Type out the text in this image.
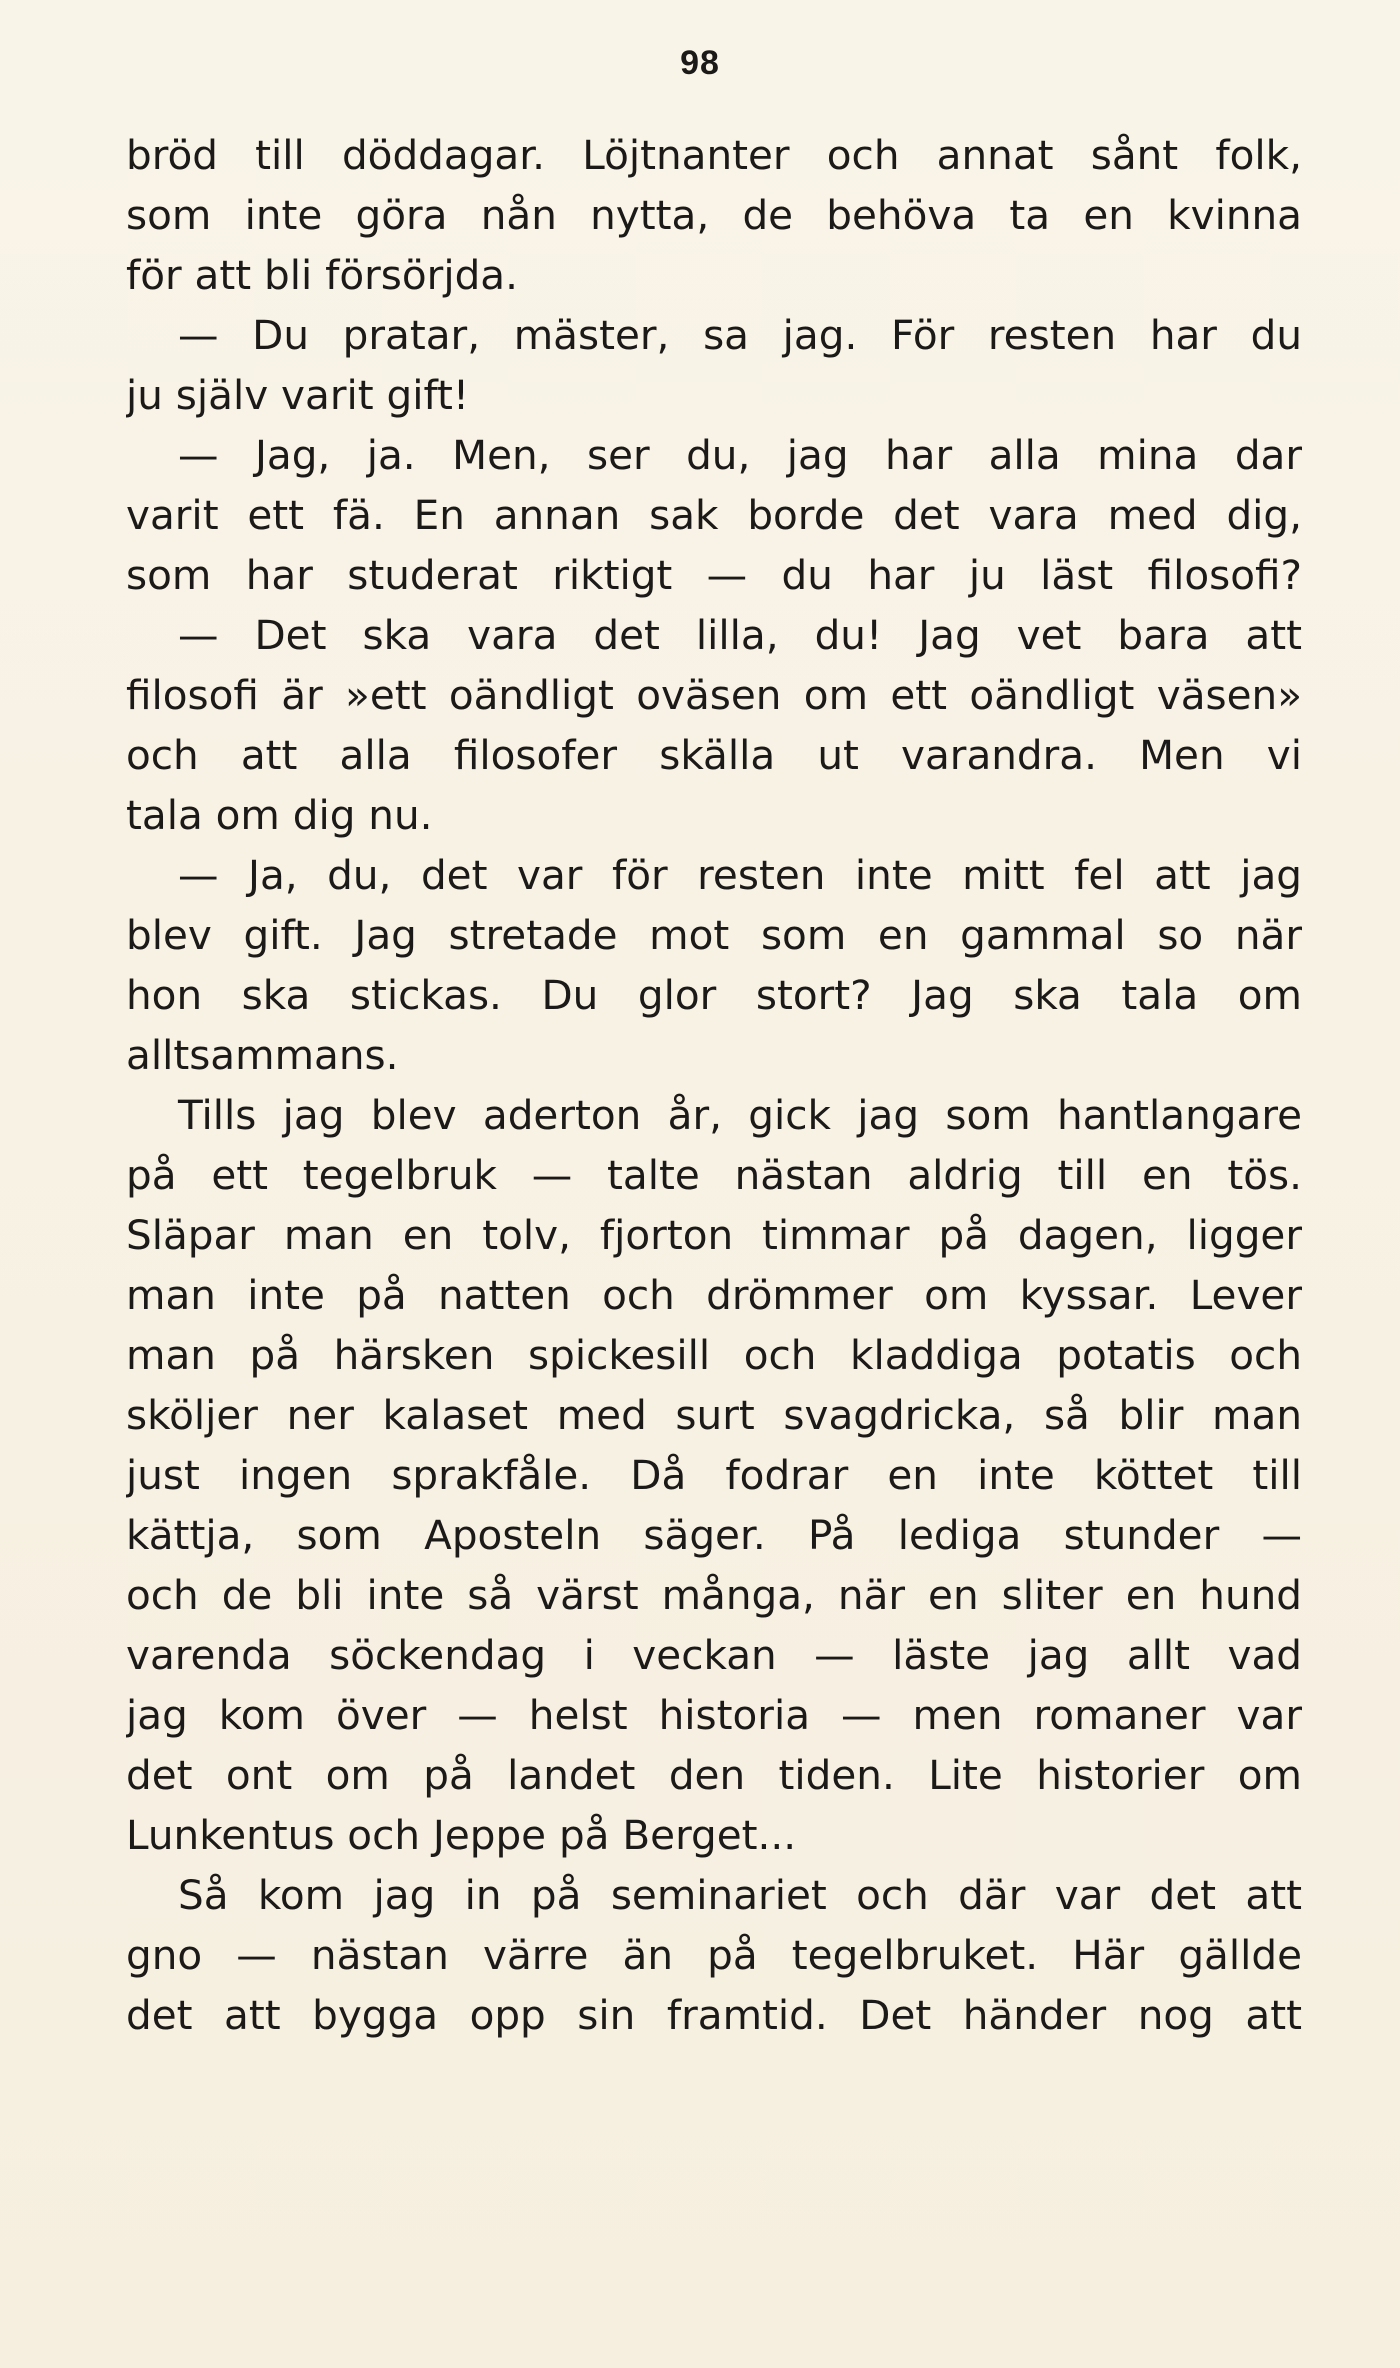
98
bröd till döddagar. Löjtnanter och annat sånt folk,
som inte göra nån nytta, de behöva ta en kvinna
för att bli försörjda.
— Du pratar, mäster, sa jag. För resten har du
ju själv varit gift!
— Jag, ja. Men, ser du, jag har alla mina dar
varit ett fä. En annan sak borde det vara med dig,
som har studerat riktigt — du har ju läst filosofi?
— Det ska vara det lilla, du! Jag vet bara att
filosofi är »ett oändligt oväsen om ett oändligt väsen»
och att alla filosofer skälla ut varandra. Men vi
tala om dig nu.
— Ja, du, det var för resten inte mitt fel att jag
blev gift. Jag stretade mot som en gammal so när
hon ska stickas. Du glor stort? Jag ska tala om
alltsammans.
Tills jag blev aderton år, gick jag som hantlangare
på ett tegelbruk — talte nästan aldrig till en tös.
Släpar man en tolv, fjorton timmar på dagen, ligger
man inte på natten och drömmer om kyssar. Lever
man på härsken spickesill och kladdiga potatis och
sköljer ner kalaset med surt svagdricka, så blir man
just ingen sprakfåle. Då fodrar en inte köttet till
kättja, som Aposteln säger. På lediga stunder —
och de bli inte så värst många, när en sliter en hund
varenda söckendag i veckan — läste jag allt vad
jag kom över — helst historia — men romaner var
det ont om på landet den tiden. Lite historier om
Lunkentus och Jeppe på Berget...
Så kom jag in på seminariet och där var det att
gno — nästan värre än på tegelbruket. Här gällde
det att bygga opp sin framtid. Det händer nog att
